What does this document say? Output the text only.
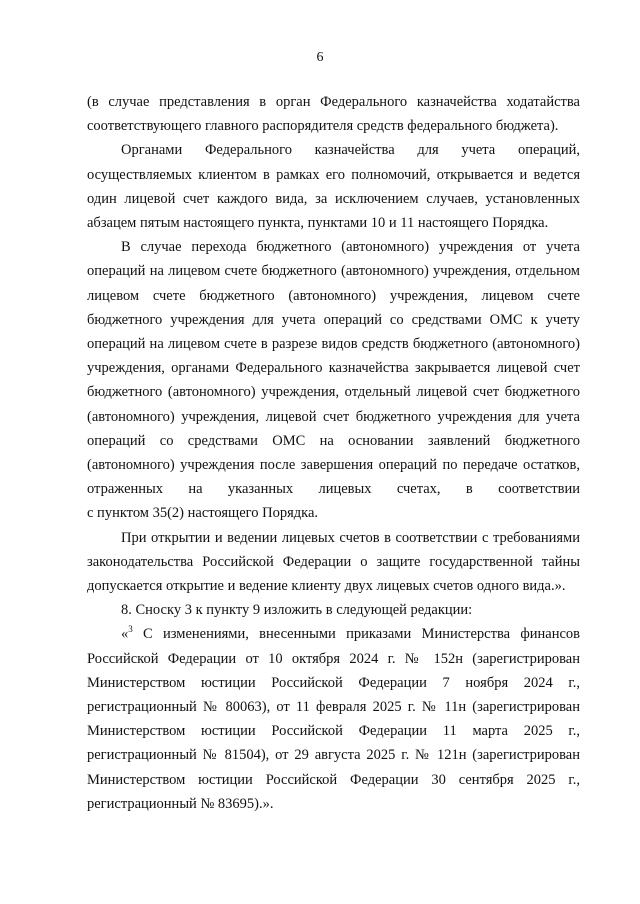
6

(в случае представления в орган Федерального казначейства ходатайства
соответствующего главного распорядителя средств федерального бюджета).

Органами Федерального казначейства для учета операций,
осуществляемых клиентом в рамках его полномочий, открывается и ведется
один лицевой счет каждого вида, за исключением случаев, установленных
абзацем пятым настоящего пункта, пунктами 10 и 11 настоящего Порядка.

В случае перехода бюджетного (автономного) учреждения от учета
операций на лицевом счете бюджетного (автономного) учреждения, отдельном
лицевом счете бюджетного (автономного) учреждения, лицевом счете
бюджетного учреждения для учета операций со средствами ОМС к учету
операций на лицевом счете в разрезе видов средств бюджетного (автономного)
учреждения, органами Федерального казначейства закрывается лицевой счет
бюджетного (автономного) учреждения, отдельный лицевой счет бюджетного
(автономного) учреждения, лицевой счет бюджетного учреждения для учета
операций со средствами ОМС на основании заявлений бюджетного
(автономного) учреждения после завершения операций по передаче остатков,
отраженных на указанных лицевых счетах, в соответствии
с пунктом 35(2) настоящего Порядка.

При открытии и ведении лицевых счетов в соответствии с требованиями
законодательства Российской Федерации о защите государственной тайны
допускается открытие и ведение клиенту двух лицевых счетов одного вида.».

8. Сноску 3 к пункту 9 изложить в следующей редакции:

«$^3$ С изменениями, внесенными приказами Министерства финансов
Российской Федерации от 10 октября 2024 г. № 152н (зарегистрирован
Министерством юстиции Российской Федерации 7 ноября 2024 г.,
регистрационный № 80063), от 11 февраля 2025 г. № 11н (зарегистрирован
Министерством юстиции Российской Федерации 11 марта 2025 г.,
регистрационный № 81504), от 29 августа 2025 г. № 121н (зарегистрирован
Министерством юстиции Российской Федерации 30 сентября 2025 г.,
регистрационный № 83695).».
